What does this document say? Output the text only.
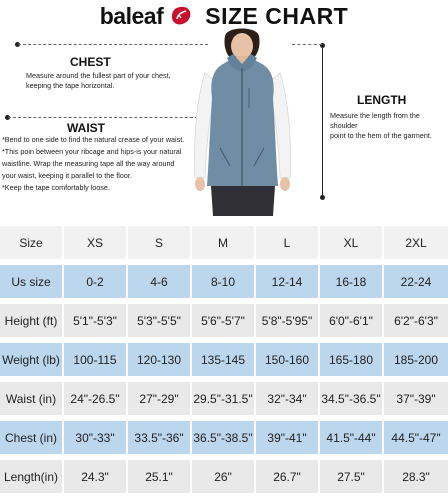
baleaf SIZE CHART
CHEST
Measure around the fullest part of your chest,
keeping the tape horizontal.
WAIST
*Bend to one side to find the natural crease of your waist.
*This poin between your ribcage and hips-is your natural
waistline. Wrap the measuring tape all the way around
your waist, keeping it parallel to the floor.
*Keep the tape comfortably loose.
LENGTH
Measure the length from the shoulder
point to the hem of the garment.
Size	XS	S	M	L	XL	2XL
Us size	0-2	4-6	8-10	12-14	16-18	22-24
Height (ft)	5'1"-5'3"	5'3"-5'5"	5'6"-5'7"	5'8"-5'95"	6'0"-6'1"	6'2"-6'3"
Weight (lb)	100-115	120-130	135-145	150-160	165-180	185-200
Waist (in)	24"-26.5"	27"-29"	29.5"-31.5"	32"-34"	34.5"-36.5"	37"-39"
Chest (in)	30"-33"	33.5"-36" 36.5"-38.5"	39"-41"	41.5"-44"	44.5"-47"
Length(in)	24.3"	25.1"	26"	26.7"	27.5"	28.3"
